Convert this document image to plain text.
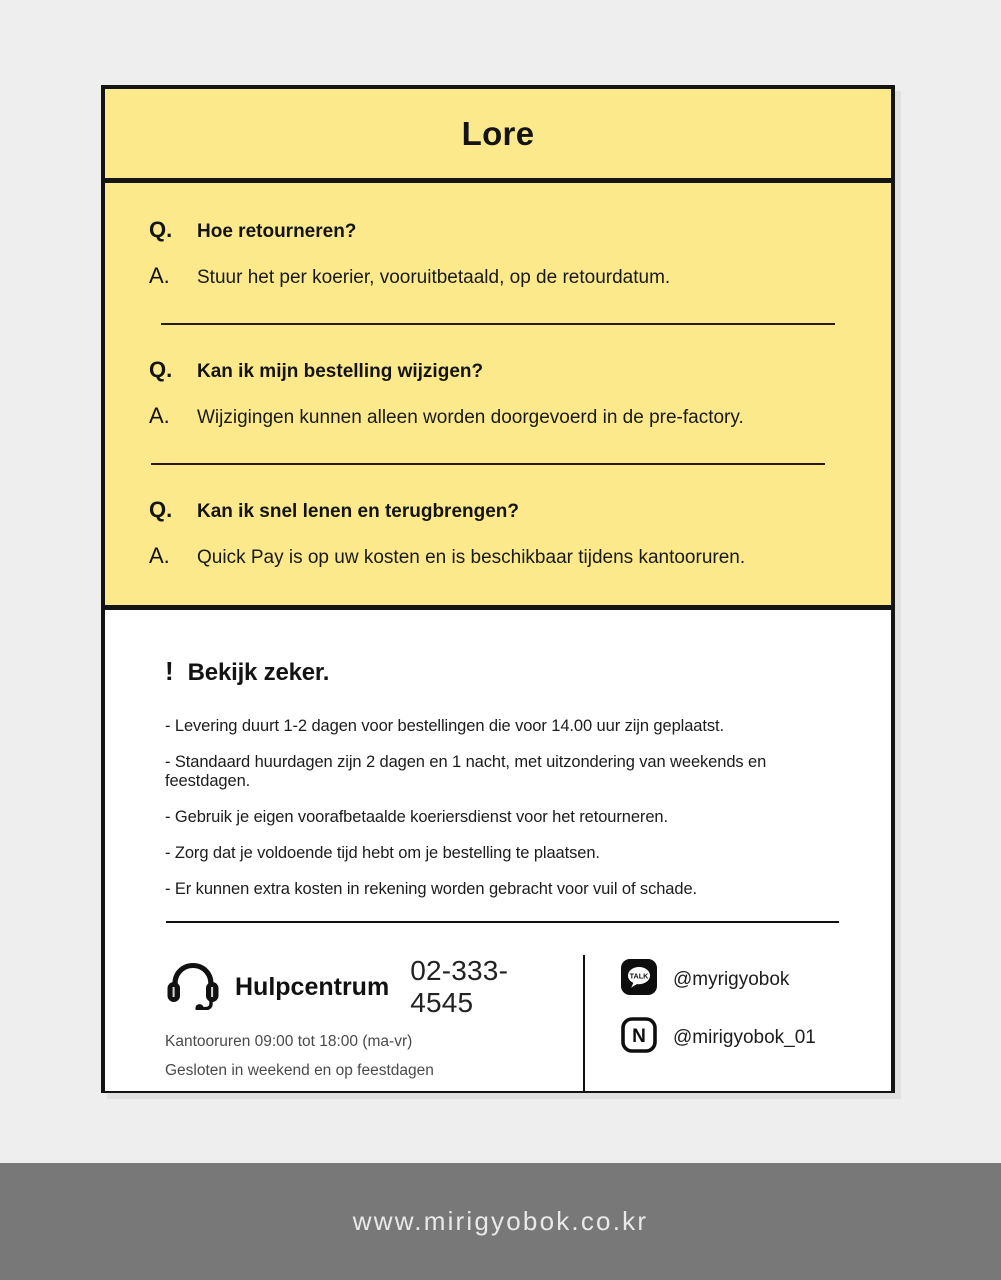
Lore
Q.	Hoe retourneren?
A.	Stuur het per koerier, vooruitbetaald, op de retourdatum.
Q.	Kan ik mijn bestelling wijzigen?
A.	Wijzigingen kunnen alleen worden doorgevoerd in de pre-factory.
Q.	Kan ik snel lenen en terugbrengen?
A.	Quick Pay is op uw kosten en is beschikbaar tijdens kantooruren.
! Bekijk zeker.
- Levering duurt 1-2 dagen voor bestellingen die voor 14.00 uur zijn geplaatst.
- Standaard huurdagen zijn 2 dagen en 1 nacht, met uitzondering van weekends en feestdagen.
- Gebruik je eigen voorafbetaalde koeriersdienst voor het retourneren.
- Zorg dat je voldoende tijd hebt om je bestelling te plaatsen.
- Er kunnen extra kosten in rekening worden gebracht voor vuil of schade.
Hulpcentrum
02-333-4545
Kantooruren 09:00 tot 18:00 (ma-vr)
Gesloten in weekend en op feestdagen
TALK @myrigyobok
N @mirigyobok_01
www.mirigyobok.co.kr
